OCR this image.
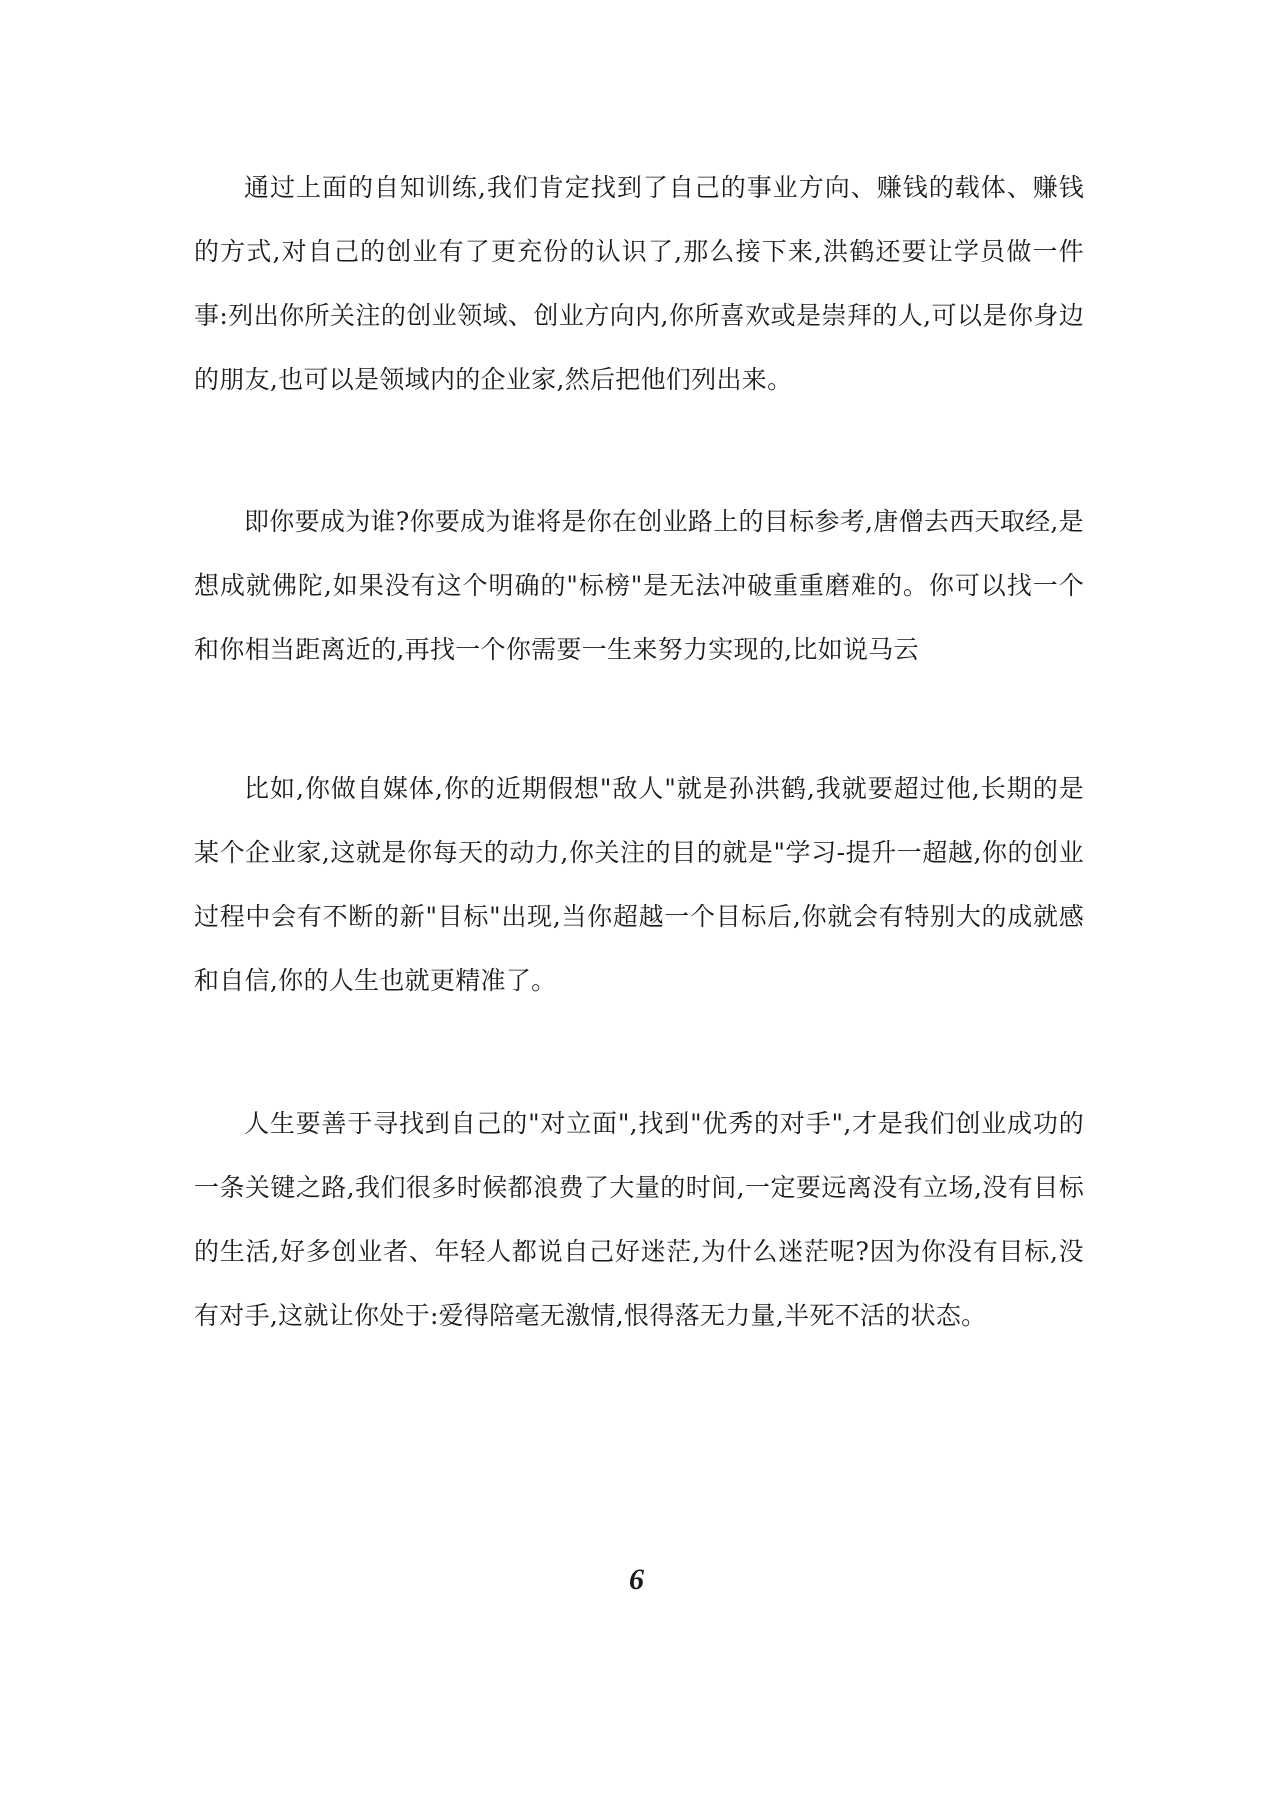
通过上面的自知训练,我们肯定找到了自己的事业方向、赚钱的载体、赚钱的方式,对自己的创业有了更充份的认识了,那么接下来,洪鹤还要让学员做一件事:列出你所关注的创业领域、创业方向内,你所喜欢或是崇拜的人,可以是你身边的朋友,也可以是领域内的企业家,然后把他们列出来。

即你要成为谁?你要成为谁将是你在创业路上的目标参考,唐僧去西天取经,是想成就佛陀,如果没有这个明确的"标榜"是无法冲破重重磨难的。你可以找一个和你相当距离近的,再找一个你需要一生来努力实现的,比如说马云

比如,你做自媒体,你的近期假想"敌人"就是孙洪鹤,我就要超过他,长期的是某个企业家,这就是你每天的动力,你关注的目的就是"学习-提升一超越,你的创业过程中会有不断的新"目标"出现,当你超越一个目标后,你就会有特别大的成就感和自信,你的人生也就更精准了。

人生要善于寻找到自己的"对立面",找到"优秀的对手",才是我们创业成功的一条关键之路,我们很多时候都浪费了大量的时间,一定要远离没有立场,没有目标的生活,好多创业者、年轻人都说自己好迷茫,为什么迷茫呢?因为你没有目标,没有对手,这就让你处于:爱得陪毫无激情,恨得落无力量,半死不活的状态。

6
